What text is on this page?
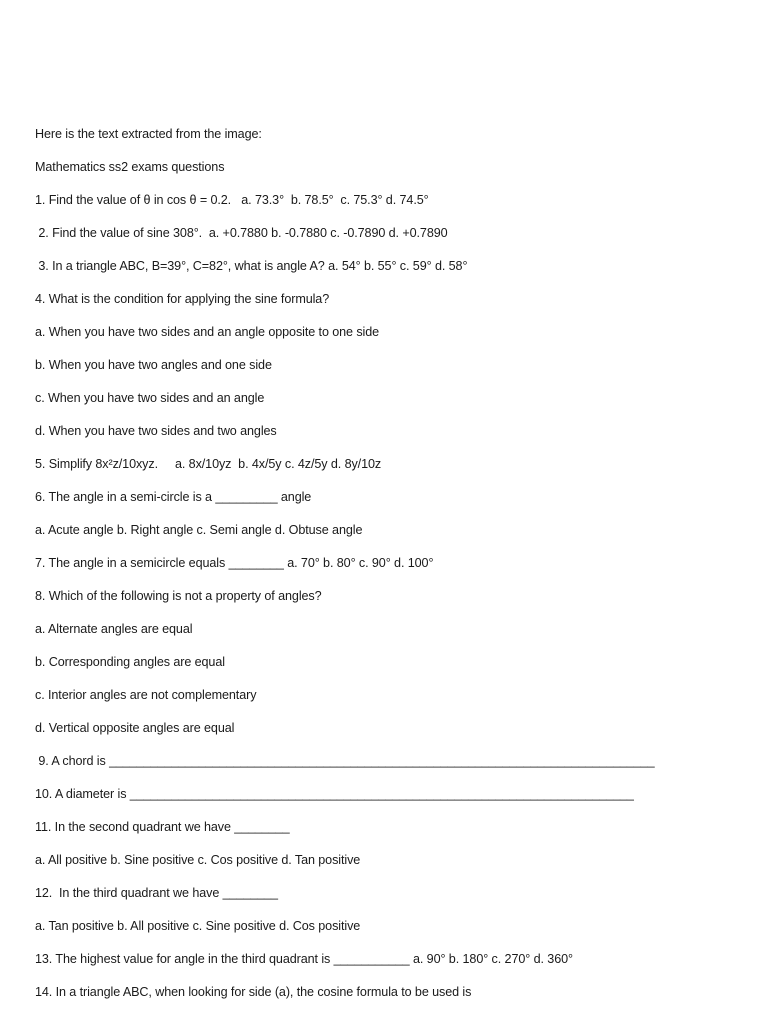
Here is the text extracted from the image:
Mathematics ss2 exams questions
1. Find the value of θ in cos θ = 0.2.   a. 73.3°  b. 78.5°  c. 75.3° d. 74.5°
2. Find the value of sine 308°.  a. +0.7880 b. -0.7880 c. -0.7890 d. +0.7890
3. In a triangle ABC, B=39°, C=82°, what is angle A? a. 54° b. 55° c. 59° d. 58°
4. What is the condition for applying the sine formula?
a. When you have two sides and an angle opposite to one side
b. When you have two angles and one side
c. When you have two sides and an angle
d. When you have two sides and two angles
5. Simplify 8x²z/10xyz.     a. 8x/10yz  b. 4x/5y c. 4z/5y d. 8y/10z
6. The angle in a semi-circle is a _________ angle
a. Acute angle b. Right angle c. Semi angle d. Obtuse angle
7. The angle in a semicircle equals ________ a. 70° b. 80° c. 90° d. 100°
8. Which of the following is not a property of angles?
a. Alternate angles are equal
b. Corresponding angles are equal
c. Interior angles are not complementary
d. Vertical opposite angles are equal
9. A chord is _______________________________________________________________________________
10. A diameter is _________________________________________________________________________
11. In the second quadrant we have ________
a. All positive b. Sine positive c. Cos positive d. Tan positive
12.  In the third quadrant we have ________
a. Tan positive b. All positive c. Sine positive d. Cos positive
13. The highest value for angle in the third quadrant is ___________ a. 90° b. 180° c. 270° d. 360°
14. In a triangle ABC, when looking for side (a), the cosine formula to be used is
